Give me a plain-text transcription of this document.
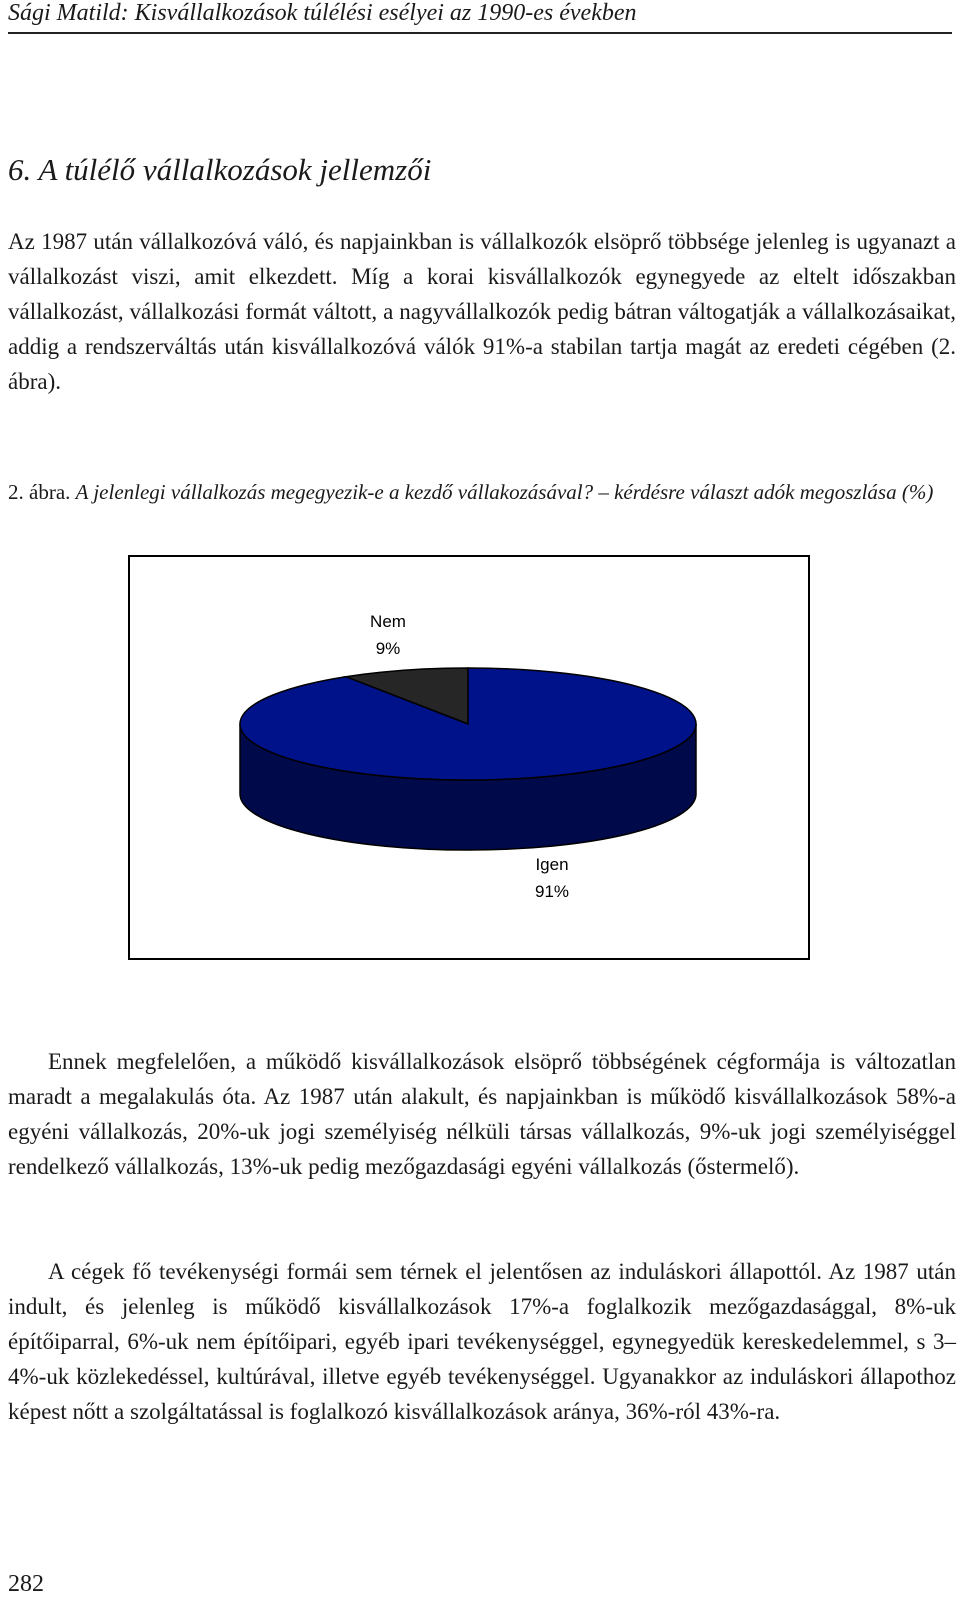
Sági Matild: Kisvállalkozások túlélési esélyei az 1990-es években
6. A túlélő vállalkozások jellemzői

Az 1987 után vállalkozóvá váló, és napjainkban is vállalkozók elsöprő többsége jelenleg is ugyanazt a vállalkozást viszi, amit elkezdett. Míg a korai kisvállalkozók egynegyede az eltelt időszakban vállalkozást, vállalkozási formát váltott, a nagyvállalkozók pedig bátran váltogatják a vállalkozásaikat, addig a rendszerváltás után kisvállalkozóvá válók 91%-a stabilan tartja magát az eredeti cégében (2. ábra).

2. ábra. A jelenlegi vállalkozás megegyezik-e a kezdő vállakozásával? – kérdésre választ adók megoszlása (%)
Nem
9%
Igen
91%

Ennek megfelelően, a működő kisvállalkozások elsöprő többségének cégformája is változatlan maradt a megalakulás óta. Az 1987 után alakult, és napjainkban is működő kisvállalkozások 58%-a egyéni vállalkozás, 20%-uk jogi személyiség nélküli társas vállalkozás, 9%-uk jogi személyiséggel rendelkező vállalkozás, 13%-uk pedig mezőgazdasági egyéni vállalkozás (őstermelő).

A cégek fő tevékenységi formái sem térnek el jelentősen az induláskori állapottól. Az 1987 után indult, és jelenleg is működő kisvállalkozások 17%-a foglalkozik mezőgazdasággal, 8%-uk építőiparral, 6%-uk nem építőipari, egyéb ipari tevékenységgel, egynegyedük kereskedelemmel, s 3–4%-uk közlekedéssel, kultúrával, illetve egyéb tevékenységgel. Ugyanakkor az induláskori állapothoz képest nőtt a szolgáltatással is foglalkozó kisvállalkozások aránya, 36%-ról 43%-ra.

282
